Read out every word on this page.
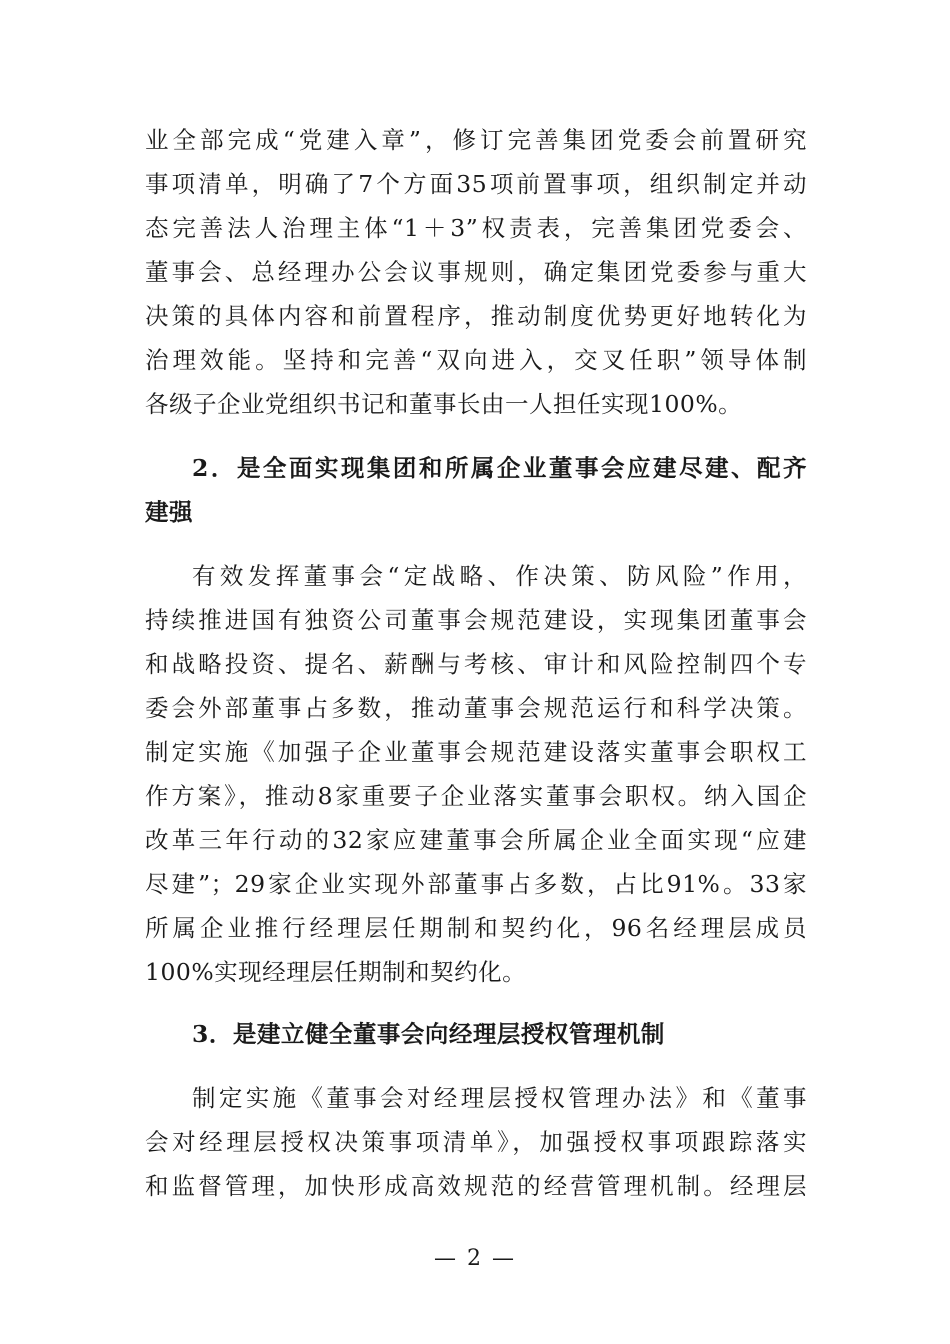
业全部完成“党建入章”，修订完善集团党委会前置研究
事项清单，明确了7个方面35项前置事项，组织制定并动
态完善法人治理主体“1＋3”权责表，完善集团党委会、
董事会、总经理办公会议事规则，确定集团党委参与重大
决策的具体内容和前置程序，推动制度优势更好地转化为
治理效能。坚持和完善“双向进入，交叉任职”领导体制
各级子企业党组织书记和董事长由一人担任实现100%。
2．是全面实现集团和所属企业董事会应建尽建、配齐
建强
有效发挥董事会“定战略、作决策、防风险”作用，
持续推进国有独资公司董事会规范建设，实现集团董事会
和战略投资、提名、薪酬与考核、审计和风险控制四个专
委会外部董事占多数，推动董事会规范运行和科学决策。
制定实施《加强子企业董事会规范建设落实董事会职权工
作方案》，推动8家重要子企业落实董事会职权。纳入国企
改革三年行动的32家应建董事会所属企业全面实现“应建
尽建”；29家企业实现外部董事占多数，占比91%。33家
所属企业推行经理层任期制和契约化，96名经理层成员
100%实现经理层任期制和契约化。
3．是建立健全董事会向经理层授权管理机制
制定实施《董事会对经理层授权管理办法》和《董事
会对经理层授权决策事项清单》，加强授权事项跟踪落实
和监督管理，加快形成高效规范的经营管理机制。经理层
— 2 —
